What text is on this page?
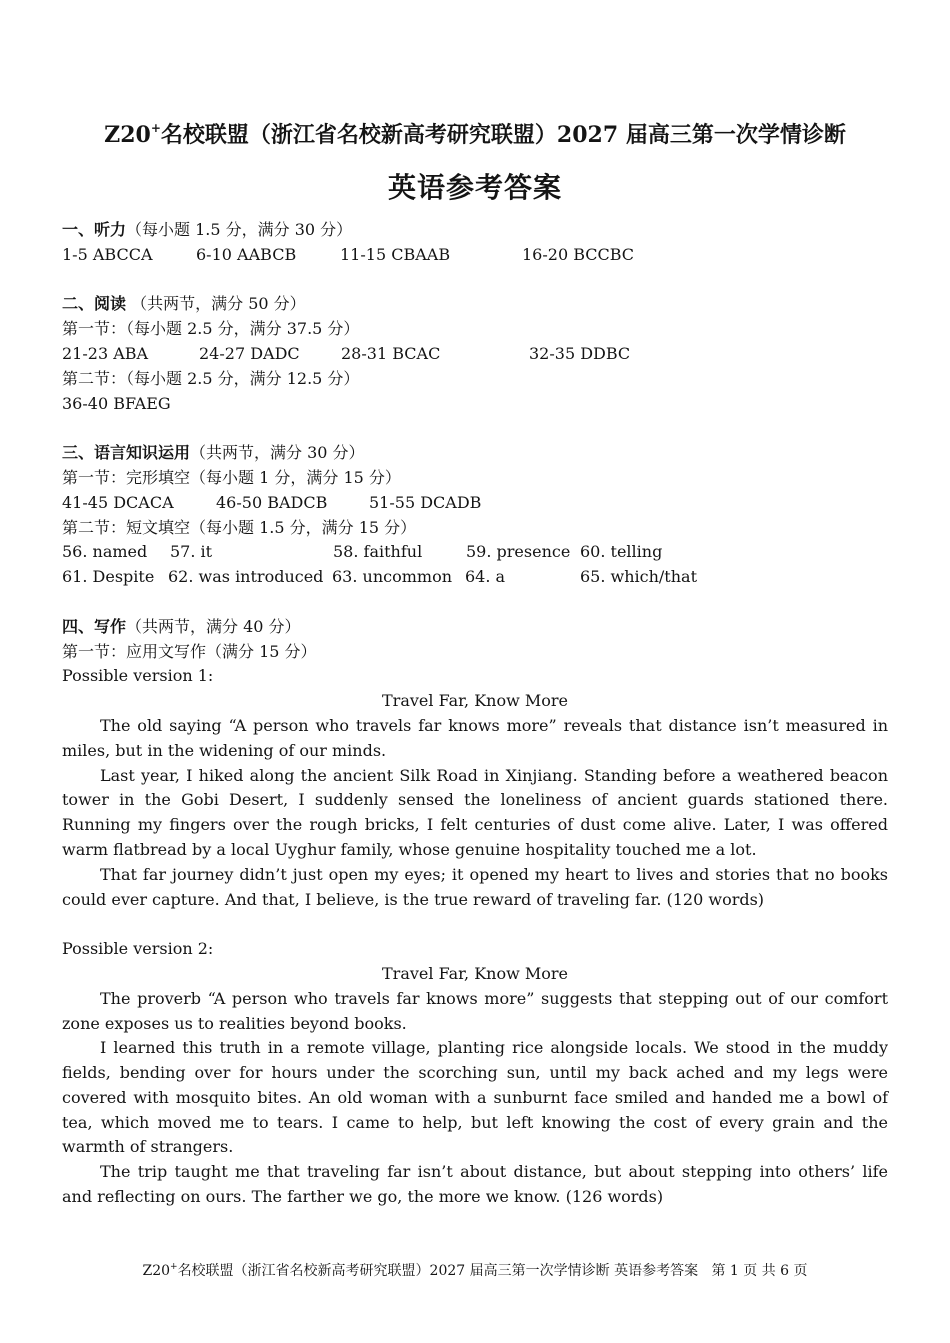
Z20+名校联盟（浙江省名校新高考研究联盟）2027 届高三第一次学情诊断
英语参考答案
一、听力（每小题 1.5 分，满分 30 分）
1-5 ABCCA	6-10 AABCB	11-15 CBAAB	16-20 BCCBC
二、阅读 （共两节，满分 50 分）
第一节：（每小题 2.5 分，满分 37.5 分）
21-23 ABA	24-27 DADC	28-31 BCAC	32-35 DDBC
第二节：（每小题 2.5 分，满分 12.5 分）
36-40 BFAEG
三、语言知识运用（共两节，满分 30 分）
第一节：完形填空（每小题 1 分，满分 15 分）
41-45 DCACA	46-50 BADCB	51-55 DCADB
第二节：短文填空（每小题 1.5 分，满分 15 分）
56. named 57. it	58. faithful	59. presence 60. telling
61. Despite 62. was introduced 63. uncommon 64. a	65. which/that
四、写作（共两节，满分 40 分）
第一节：应用文写作（满分 15 分）
Possible version 1:
Travel Far, Know More

The old saying “A person who travels far knows more” reveals that distance isn’t measured in miles, but in the widening of our minds.

Last year, I hiked along the ancient Silk Road in Xinjiang. Standing before a weathered beacon tower in the Gobi Desert, I suddenly sensed the loneliness of ancient guards stationed there. Running my fingers over the rough bricks, I felt centuries of dust come alive. Later, I was offered warm flatbread by a local Uyghur family, whose genuine hospitality touched me a lot.

That far journey didn’t just open my eyes; it opened my heart to lives and stories that no books could ever capture. And that, I believe, is the true reward of traveling far. (120 words)

Possible version 2:
Travel Far, Know More

The proverb “A person who travels far knows more” suggests that stepping out of our comfort zone exposes us to realities beyond books.

I learned this truth in a remote village, planting rice alongside locals. We stood in the muddy fields, bending over for hours under the scorching sun, until my back ached and my legs were covered with mosquito bites. An old woman with a sunburnt face smiled and handed me a bowl of tea, which moved me to tears. I came to help, but left knowing the cost of every grain and the warmth of strangers.

The trip taught me that traveling far isn’t about distance, but about stepping into others’ life and reflecting on ours. The farther we go, the more we know. (126 words)

Z20+名校联盟（浙江省名校新高考研究联盟）2027 届高三第一次学情诊断 英语参考答案 第 1 页 共 6 页
